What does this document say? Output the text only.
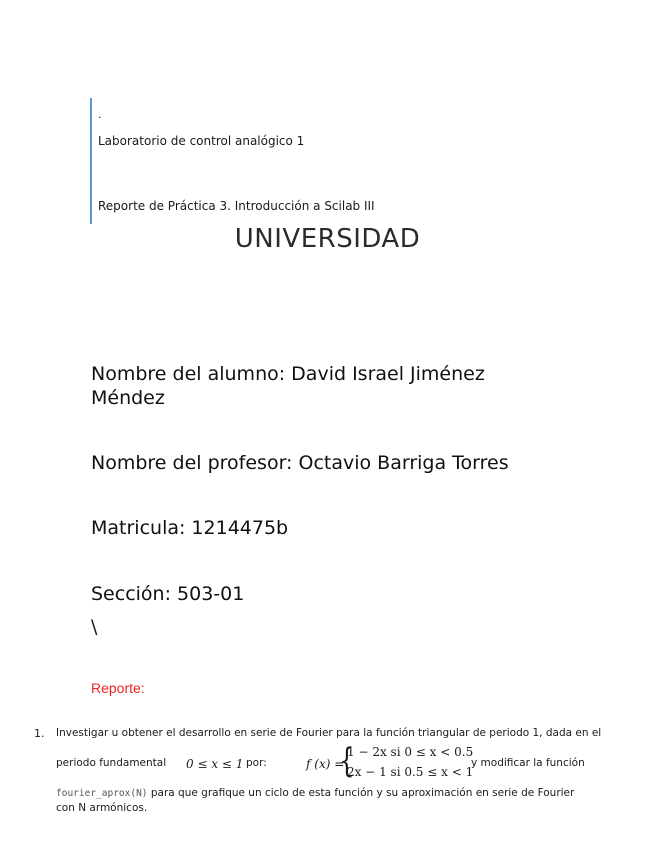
.
Laboratorio de control analógico 1
Reporte de Práctica 3. Introducción a Scilab III
UNIVERSIDAD
Nombre del alumno: David Israel Jiménez Méndez
Nombre del profesor: Octavio Barriga Torres
Matricula: 1214475b
Sección: 503-01
\
Reporte:
1. Investigar u obtener el desarrollo en serie de Fourier para la función triangular de periodo 1, dada en el
periodo fundamental 0 ≤ x ≤ 1 por:	f (x) =
{
1 − 2x si 0 ≤ x < 0.5
2x − 1 si 0.5 ≤ x < 1
y modificar la función
fourier_aprox(N) para que grafique un ciclo de esta función y su aproximación en serie de Fourier
con N armónicos.
